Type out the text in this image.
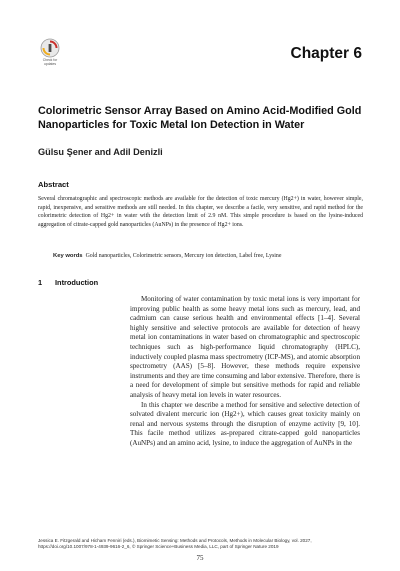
Check for updates
Chapter 6
Colorimetric Sensor Array Based on Amino Acid-Modified Gold Nanoparticles for Toxic Metal Ion Detection in Water
Gülsu Şener and Adil Denizli
Abstract

Several chromatographic and spectroscopic methods are available for the detection of toxic mercury (Hg2+) in water, however simple, rapid, inexpensive, and sensitive methods are still needed. In this chapter, we describe a facile, very sensitive, and rapid method for the colorimetric detection of Hg2+ in water with the detection limit of 2.9 nM. This simple procedure is based on the lysine-induced aggregation of citrate-capped gold nanoparticles (AuNPs) in the presence of Hg2+ ions.

Key words Gold nanoparticles, Colorimetric sensors, Mercury ion detection, Label free, Lysine

1 Introduction

Monitoring of water contamination by toxic metal ions is very important for improving public health as some heavy metal ions such as mercury, lead, and cadmium can cause serious health and environmental effects [1–4]. Several highly sensitive and selective protocols are available for detection of heavy metal ion contaminations in water based on chromatographic and spectroscopic techniques such as high-performance liquid chromatography (HPLC), inductively coupled plasma mass spectrometry (ICP-MS), and atomic absorption spectrometry (AAS) [5–8]. However, these methods require expensive instruments and they are time consuming and labor extensive. Therefore, there is a need for development of simple but sensitive methods for rapid and reliable analysis of heavy metal ion levels in water resources.

In this chapter we describe a method for sensitive and selective detection of solvated divalent mercuric ion (Hg2+), which causes great toxicity mainly on renal and nervous systems through the disruption of enzyme activity [9, 10]. This facile method utilizes as-prepared citrate-capped gold nanoparticles (AuNPs) and an amino acid, lysine, to induce the aggregation of AuNPs in the

Jessica E. Fitzgerald and Hicham Fenniri (eds.), Biomimetic Sensing: Methods and Protocols, Methods in Molecular Biology, vol. 2027, https://doi.org/10.1007/978-1-4939-9616-2_6, © Springer Science+Business Media, LLC, part of Springer Nature 2019
75
